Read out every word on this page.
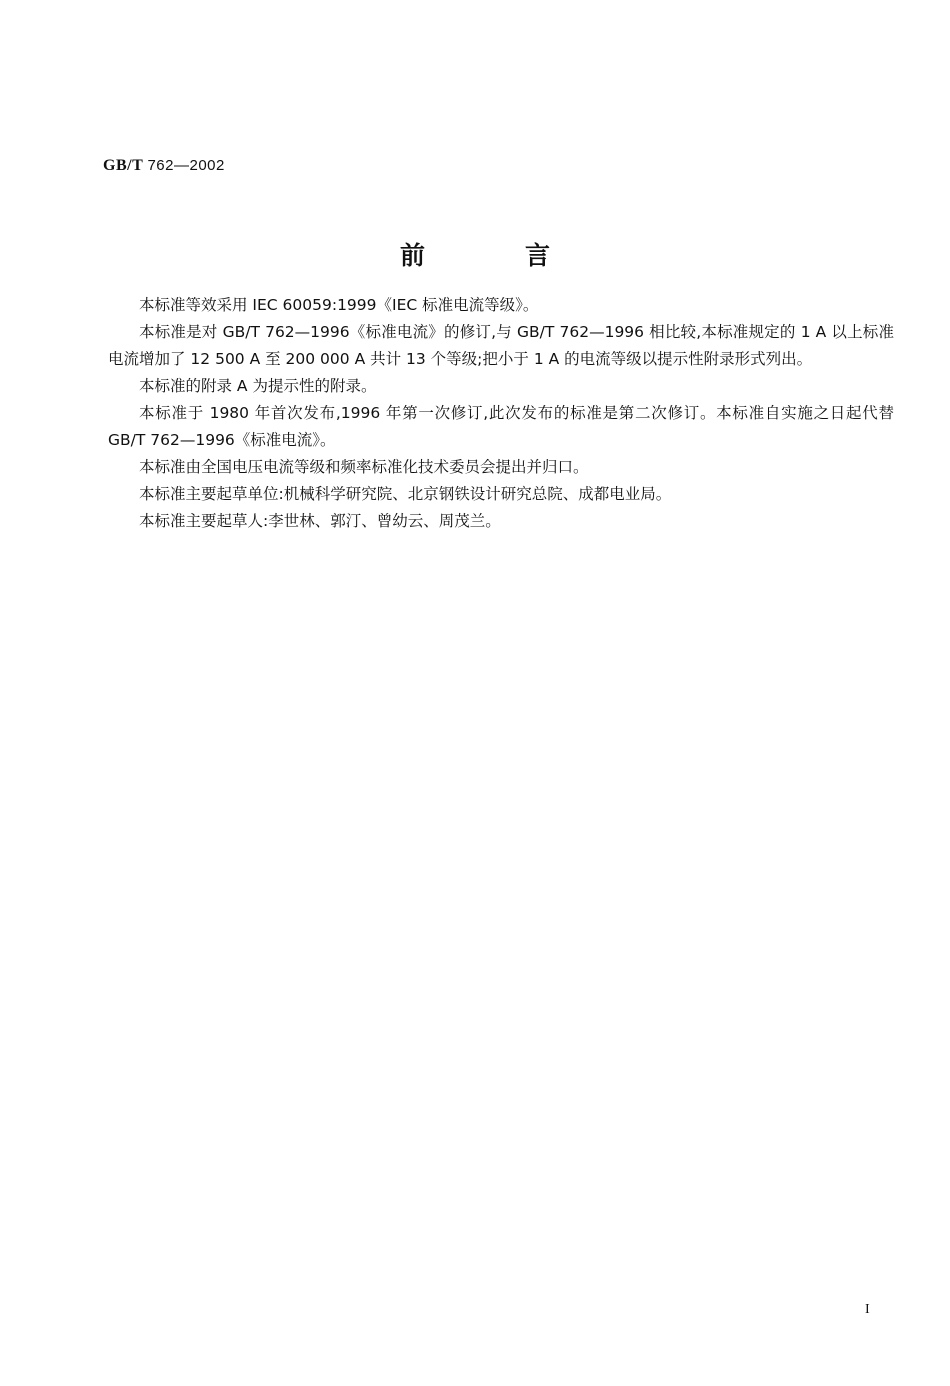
GB/T 762—2002
前言

本标准等效采用 IEC 60059:1999《IEC 标准电流等级》。

本标准是对 GB/T 762—1996《标准电流》的修订,与 GB/T 762—1996 相比较,本标准规定的 1 A 以上标准电流增加了 12 500 A 至 200 000 A 共计 13 个等级;把小于 1 A 的电流等级以提示性附录形式列出。

本标准的附录 A 为提示性的附录。

本标准于 1980 年首次发布,1996 年第一次修订,此次发布的标准是第二次修订。本标准自实施之日起代替 GB/T 762—1996《标准电流》。

本标准由全国电压电流等级和频率标准化技术委员会提出并归口。

本标准主要起草单位:机械科学研究院、北京钢铁设计研究总院、成都电业局。

本标准主要起草人:李世林、郭汀、曾幼云、周茂兰。

I
